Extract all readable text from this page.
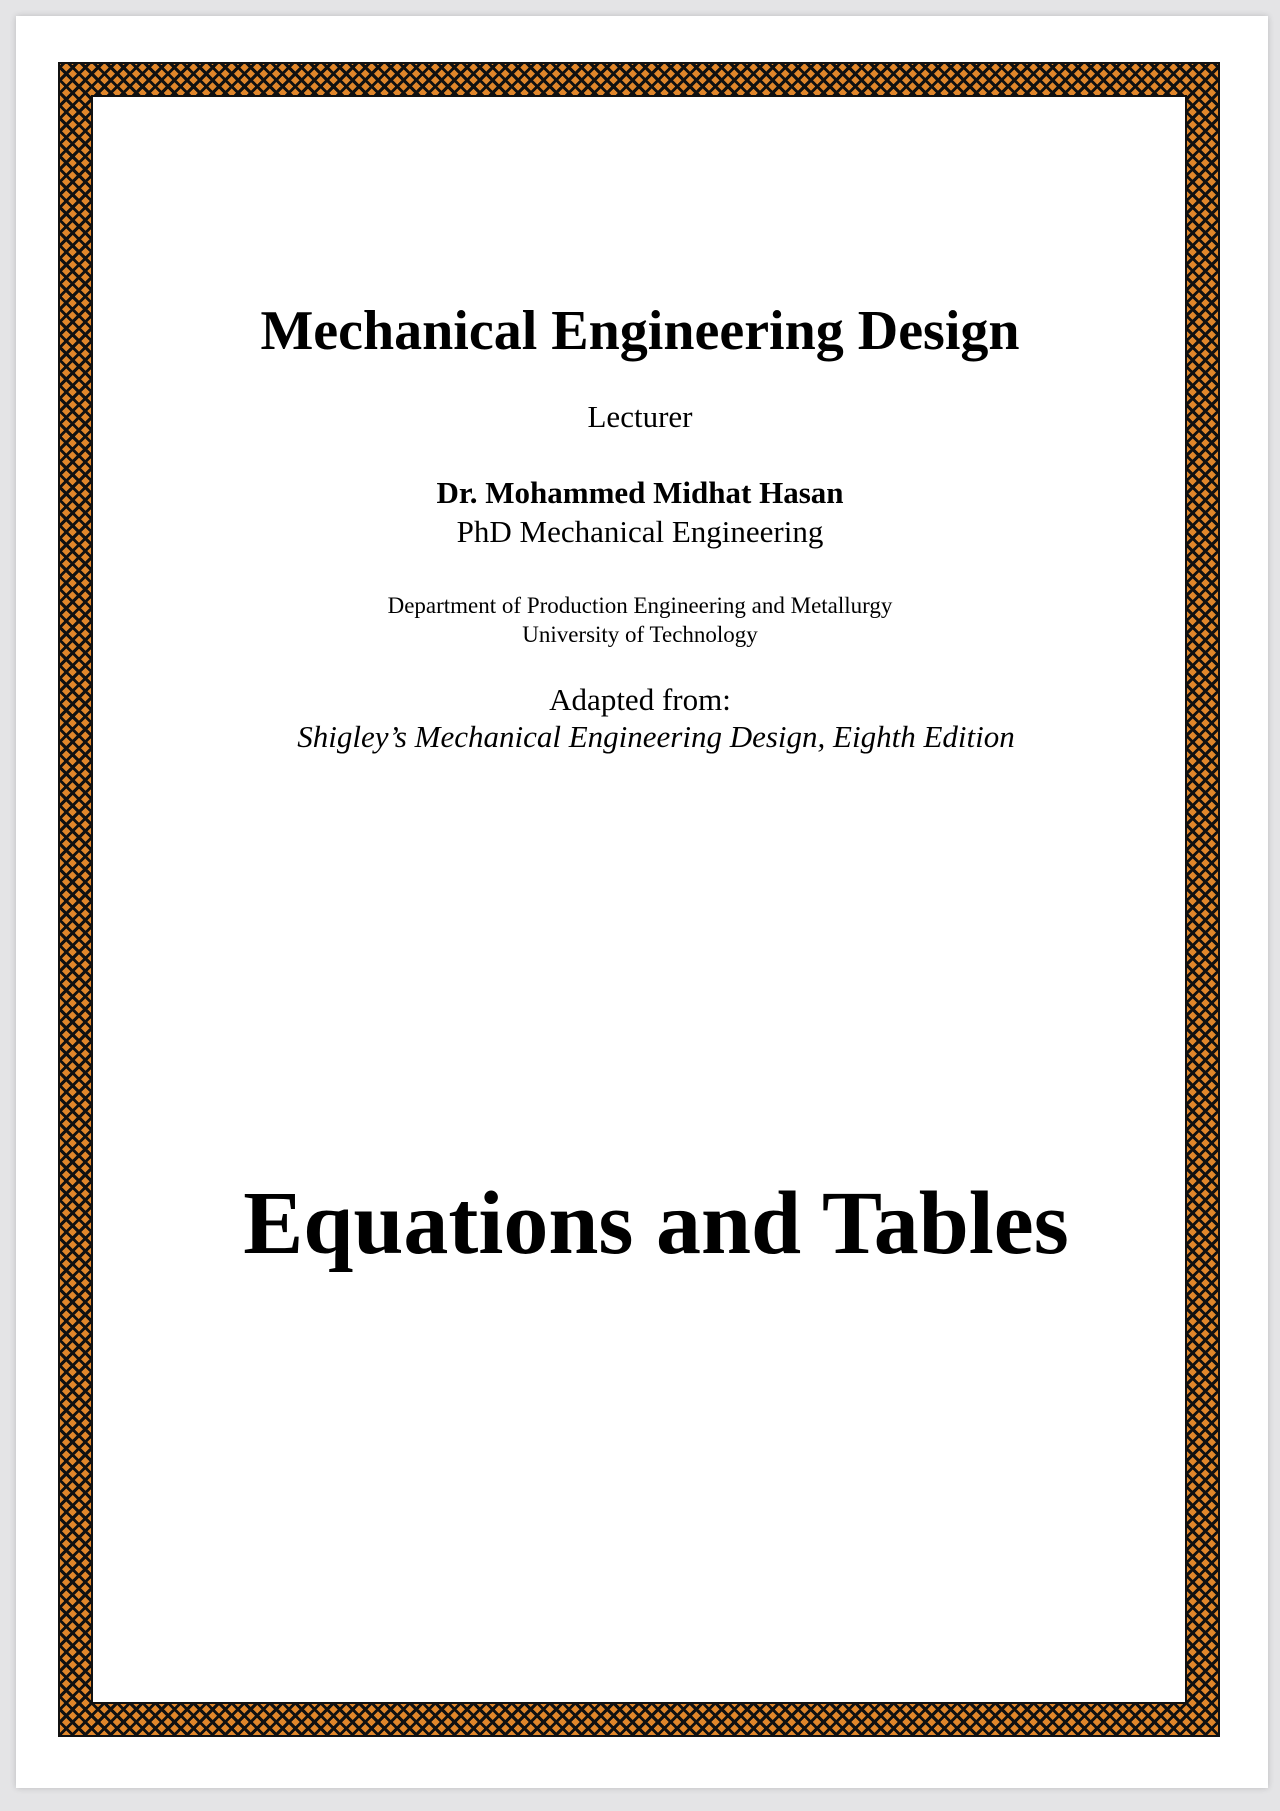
Mechanical Engineering Design
Lecturer
Dr. Mohammed Midhat Hasan
PhD Mechanical Engineering
Department of Production Engineering and Metallurgy
University of Technology
Adapted from:
Shigley’s Mechanical Engineering Design, Eighth Edition
Equations and Tables
